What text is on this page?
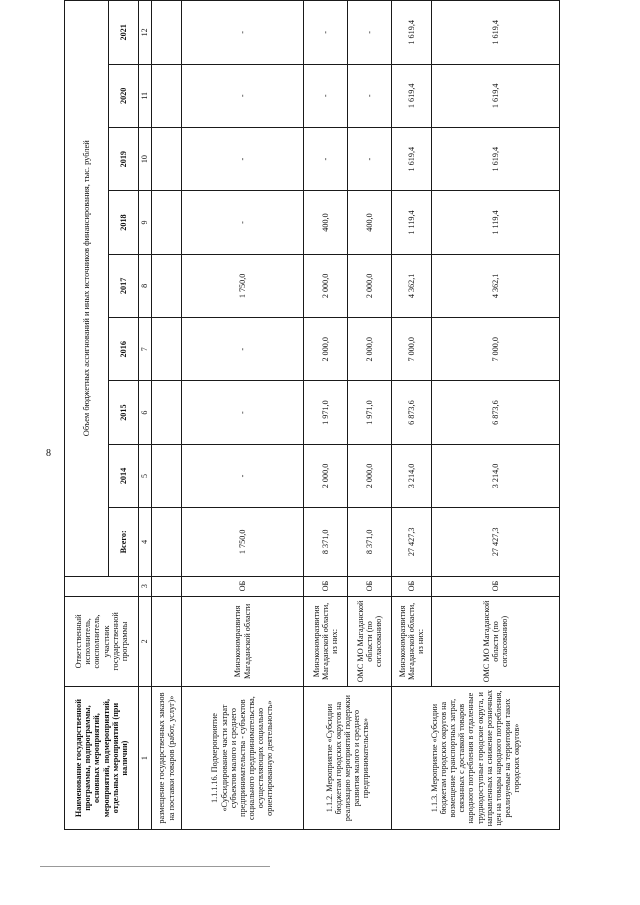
8
Наименование государственной программы, подпрограммы, основных мероприятий, мероприятий, подмероприятий, отдельных мероприятий (при наличии)	Ответственный исполнитель, соисполнитель, участник государственной программы		Объем бюджетных ассигнований и иных источников финансирования, тыс. рублей								
			Всего:	2014	2015	2016	2017	2018	2019	2020	2021
1	2	3	4	5	6	7	8	9	10	11	12
размещение государственных заказов на поставки товаров (работ, услуг)»											
1.1.1.16. Подмероприятие «Субсидирование части затрат субъектов малого и среднего предпринимательства - субъектов социального предпринимательства, осуществляющих социально ориентированную деятельность»	Минэкономразвития Магаданской области	ОБ	1 750,0	-	-	-	1 750,0	-	-	-	-
1.1.2. Мероприятие «Субсидии бюджетам городских округов на реализацию мероприятий подержки развития малого и среднего предпринимательства»	Минэкономразвития Магаданской области, из них:	ОБ	8 371,0	2 000,0	1 971,0	2 000,0	2 000,0	400,0	-	-	-
	ОМС МО Магаданской области (по согласованию)	ОБ	8 371,0	2 000,0	1 971,0	2 000,0	2 000,0	400,0	-	-	-
1.1.3. Мероприятие «Субсидии бюджетам городских округов на возмещение транспортных затрат, связанных с доставкой товаров народного потребления в отдаленные труднодоступные городские округа, и направленных на снижение розничных цен на товары народного потребления, реализуемые на территории таких городских округов»	Минэкономразвития Магаданской области, из них:	ОБ	27 427,3	3 214,0	6 873,6	7 000,0	4 362,1	1 119,4	1 619,4	1 619,4	1 619,4
	ОМС МО Магаданской области (по согласованию)	ОБ	27 427,3	3 214,0	6 873,6	7 000,0	4 362,1	1 119,4	1 619,4	1 619,4	1 619,4
